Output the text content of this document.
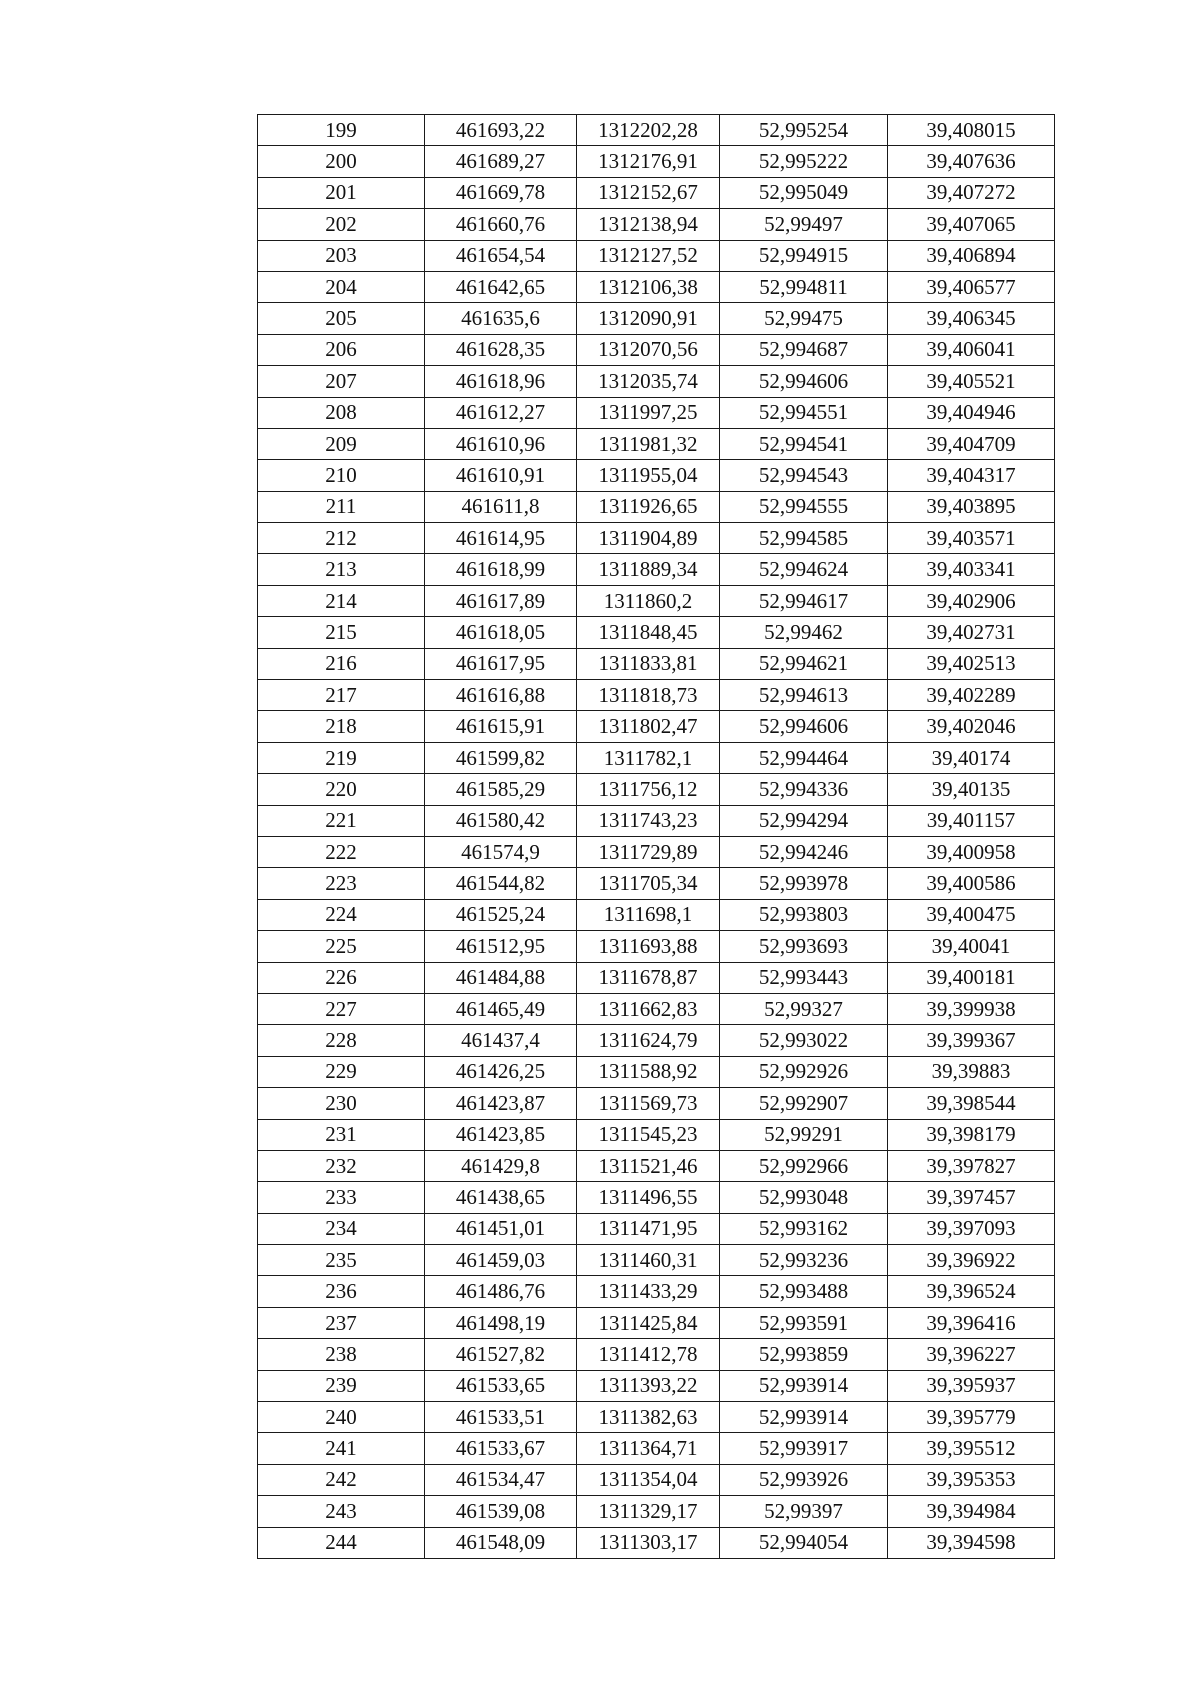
199	461693,22	1312202,28	52,995254	39,408015
200	461689,27	1312176,91	52,995222	39,407636
201	461669,78	1312152,67	52,995049	39,407272
202	461660,76	1312138,94	52,99497	39,407065
203	461654,54	1312127,52	52,994915	39,406894
204	461642,65	1312106,38	52,994811	39,406577
205	461635,6	1312090,91	52,99475	39,406345
206	461628,35	1312070,56	52,994687	39,406041
207	461618,96	1312035,74	52,994606	39,405521
208	461612,27	1311997,25	52,994551	39,404946
209	461610,96	1311981,32	52,994541	39,404709
210	461610,91	1311955,04	52,994543	39,404317
211	461611,8	1311926,65	52,994555	39,403895
212	461614,95	1311904,89	52,994585	39,403571
213	461618,99	1311889,34	52,994624	39,403341
214	461617,89	1311860,2	52,994617	39,402906
215	461618,05	1311848,45	52,99462	39,402731
216	461617,95	1311833,81	52,994621	39,402513
217	461616,88	1311818,73	52,994613	39,402289
218	461615,91	1311802,47	52,994606	39,402046
219	461599,82	1311782,1	52,994464	39,40174
220	461585,29	1311756,12	52,994336	39,40135
221	461580,42	1311743,23	52,994294	39,401157
222	461574,9	1311729,89	52,994246	39,400958
223	461544,82	1311705,34	52,993978	39,400586
224	461525,24	1311698,1	52,993803	39,400475
225	461512,95	1311693,88	52,993693	39,40041
226	461484,88	1311678,87	52,993443	39,400181
227	461465,49	1311662,83	52,99327	39,399938
228	461437,4	1311624,79	52,993022	39,399367
229	461426,25	1311588,92	52,992926	39,39883
230	461423,87	1311569,73	52,992907	39,398544
231	461423,85	1311545,23	52,99291	39,398179
232	461429,8	1311521,46	52,992966	39,397827
233	461438,65	1311496,55	52,993048	39,397457
234	461451,01	1311471,95	52,993162	39,397093
235	461459,03	1311460,31	52,993236	39,396922
236	461486,76	1311433,29	52,993488	39,396524
237	461498,19	1311425,84	52,993591	39,396416
238	461527,82	1311412,78	52,993859	39,396227
239	461533,65	1311393,22	52,993914	39,395937
240	461533,51	1311382,63	52,993914	39,395779
241	461533,67	1311364,71	52,993917	39,395512
242	461534,47	1311354,04	52,993926	39,395353
243	461539,08	1311329,17	52,99397	39,394984
244	461548,09	1311303,17	52,994054	39,394598
